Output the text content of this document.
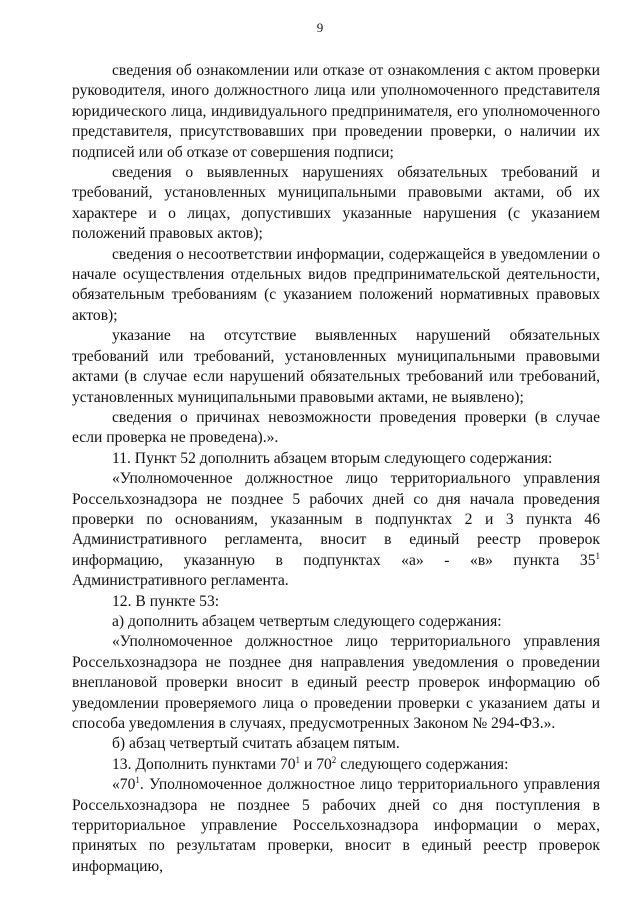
9

сведения об ознакомлении или отказе от ознакомления с актом проверки руководителя, иного должностного лица или уполномоченного представителя юридического лица, индивидуального предпринимателя, его уполномоченного представителя, присутствовавших при проведении проверки, о наличии их подписей или об отказе от совершения подписи;

сведения о выявленных нарушениях обязательных требований и требований, установленных муниципальными правовыми актами, об их характере и о лицах, допустивших указанные нарушения (с указанием положений правовых актов);

сведения о несоответствии информации, содержащейся в уведомлении о начале осуществления отдельных видов предпринимательской деятельности, обязательным требованиям (с указанием положений нормативных правовых актов);

указание на отсутствие выявленных нарушений обязательных требований или требований, установленных муниципальными правовыми актами (в случае если нарушений обязательных требований или требований, установленных муниципальными правовыми актами, не выявлено);

сведения о причинах невозможности проведения проверки (в случае если проверка не проведена).».

11. Пункт 52 дополнить абзацем вторым следующего содержания:

«Уполномоченное должностное лицо территориального управления Россельхознадзора не позднее 5 рабочих дней со дня начала проведения проверки по основаниям, указанным в подпунктах 2 и 3 пункта 46 Административного регламента, вносит в единый реестр проверок информацию, указанную в подпунктах «а» - «в» пункта $35^1$ Административного регламента.

12. В пункте 53:

а) дополнить абзацем четвертым следующего содержания:

«Уполномоченное должностное лицо территориального управления Россельхознадзора не позднее дня направления уведомления о проведении внеплановой проверки вносит в единый реестр проверок информацию об уведомлении проверяемого лица о проведении проверки с указанием даты и способа уведомления в случаях, предусмотренных Законом № 294-ФЗ.».

б) абзац четвертый считать абзацем пятым.

13. Дополнить пунктами $70^1$ и $70^2$ следующего содержания:

«$70^1$. Уполномоченное должностное лицо территориального управления Россельхознадзора не позднее 5 рабочих дней со дня поступления в территориальное управление Россельхознадзора информации о мерах, принятых по результатам проверки, вносит в единый реестр проверок информацию,
